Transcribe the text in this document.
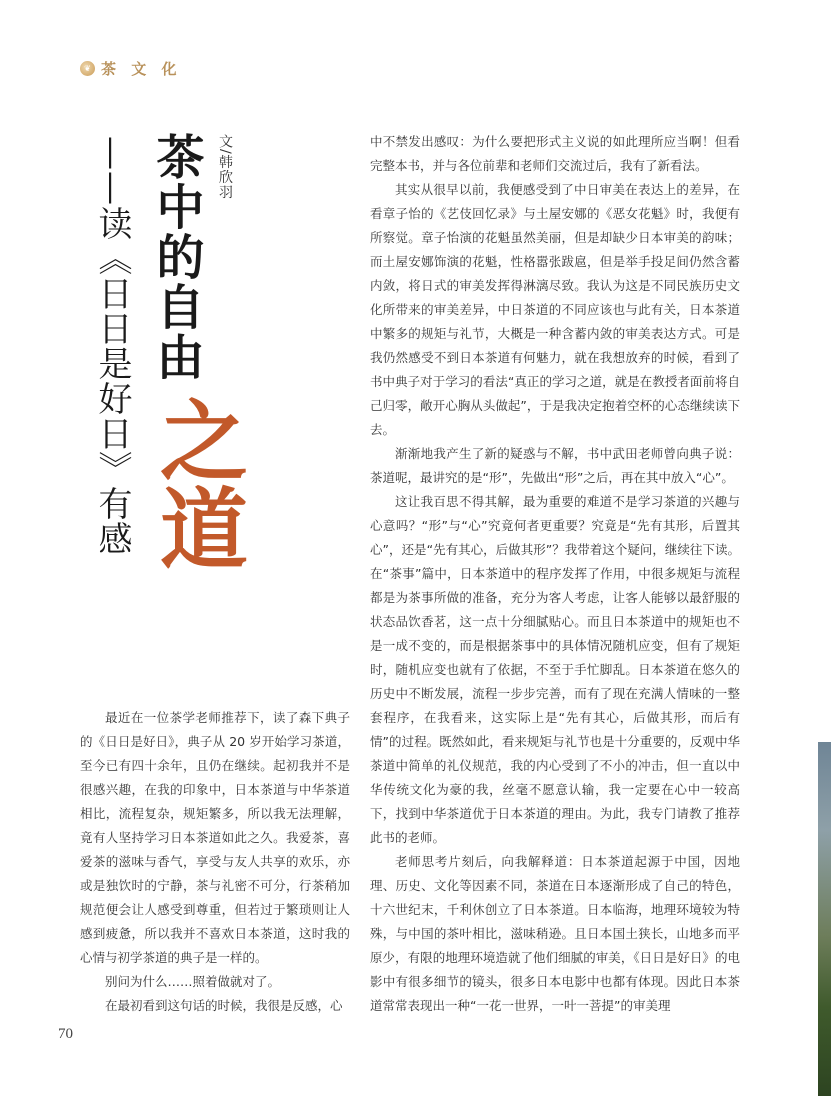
❦ 茶 文 化
文/韩欣羽
茶中的自由
之道
——读《日日是好日》有感

最近在一位茶学老师推荐下，读了森下典子的《日日是好日》，典子从 20 岁开始学习茶道，至今已有四十余年，且仍在继续。起初我并不是很感兴趣，在我的印象中，日本茶道与中华茶道相比，流程复杂，规矩繁多，所以我无法理解，竟有人坚持学习日本茶道如此之久。我爱茶，喜爱茶的滋味与香气，享受与友人共享的欢乐，亦或是独饮时的宁静，茶与礼密不可分，行茶稍加规范便会让人感受到尊重，但若过于繁琐则让人感到疲惫，所以我并不喜欢日本茶道，这时我的心情与初学茶道的典子是一样的。

别问为什么……照着做就对了。

在最初看到这句话的时候，我很是反感，心

中不禁发出感叹：为什么要把形式主义说的如此理所应当啊！但看完整本书，并与各位前辈和老师们交流过后，我有了新看法。

其实从很早以前，我便感受到了中日审美在表达上的差异，在看章子怡的《艺伎回忆录》与土屋安娜的《恶女花魁》时，我便有所察觉。章子怡演的花魁虽然美丽，但是却缺少日本审美的韵味；而土屋安娜饰演的花魁，性格嚣张跋扈，但是举手投足间仍然含蓄内敛，将日式的审美发挥得淋漓尽致。我认为这是不同民族历史文化所带来的审美差异，中日茶道的不同应该也与此有关，日本茶道中繁多的规矩与礼节，大概是一种含蓄内敛的审美表达方式。可是我仍然感受不到日本茶道有何魅力，就在我想放弃的时候，看到了书中典子对于学习的看法“真正的学习之道，就是在教授者面前将自己归零，敞开心胸从头做起”，于是我决定抱着空杯的心态继续读下去。

渐渐地我产生了新的疑惑与不解，书中武田老师曾向典子说：茶道呢，最讲究的是“形”，先做出“形”之后，再在其中放入“心”。

这让我百思不得其解，最为重要的难道不是学习茶道的兴趣与心意吗？“形”与“心”究竟何者更重要？究竟是“先有其形，后置其心”，还是“先有其心，后做其形”？我带着这个疑问，继续往下读。在“茶事”篇中，日本茶道中的程序发挥了作用，中很多规矩与流程都是为茶事所做的准备，充分为客人考虑，让客人能够以最舒服的状态品饮香茗，这一点十分细腻贴心。而且日本茶道中的规矩也不是一成不变的，而是根据茶事中的具体情况随机应变，但有了规矩时，随机应变也就有了依据，不至于手忙脚乱。日本茶道在悠久的历史中不断发展，流程一步步完善，而有了现在充满人情味的一整套程序，在我看来，这实际上是“先有其心，后做其形，而后有情”的过程。既然如此，看来规矩与礼节也是十分重要的，反观中华茶道中简单的礼仪规范，我的内心受到了不小的冲击，但一直以中华传统文化为豪的我，丝毫不愿意认输，我一定要在心中一较高下，找到中华茶道优于日本茶道的理由。为此，我专门请教了推荐此书的老师。

老师思考片刻后，向我解释道：日本茶道起源于中国，因地理、历史、文化等因素不同，茶道在日本逐渐形成了自己的特色，十六世纪末，千利休创立了日本茶道。日本临海，地理环境较为特殊，与中国的茶叶相比，滋味稍逊。且日本国土狭长，山地多而平原少，有限的地理环境造就了他们细腻的审美，《日日是好日》的电影中有很多细节的镜头，很多日本电影中也都有体现。因此日本茶道常常表现出一种“一花一世界，一叶一菩提”的审美理

70
